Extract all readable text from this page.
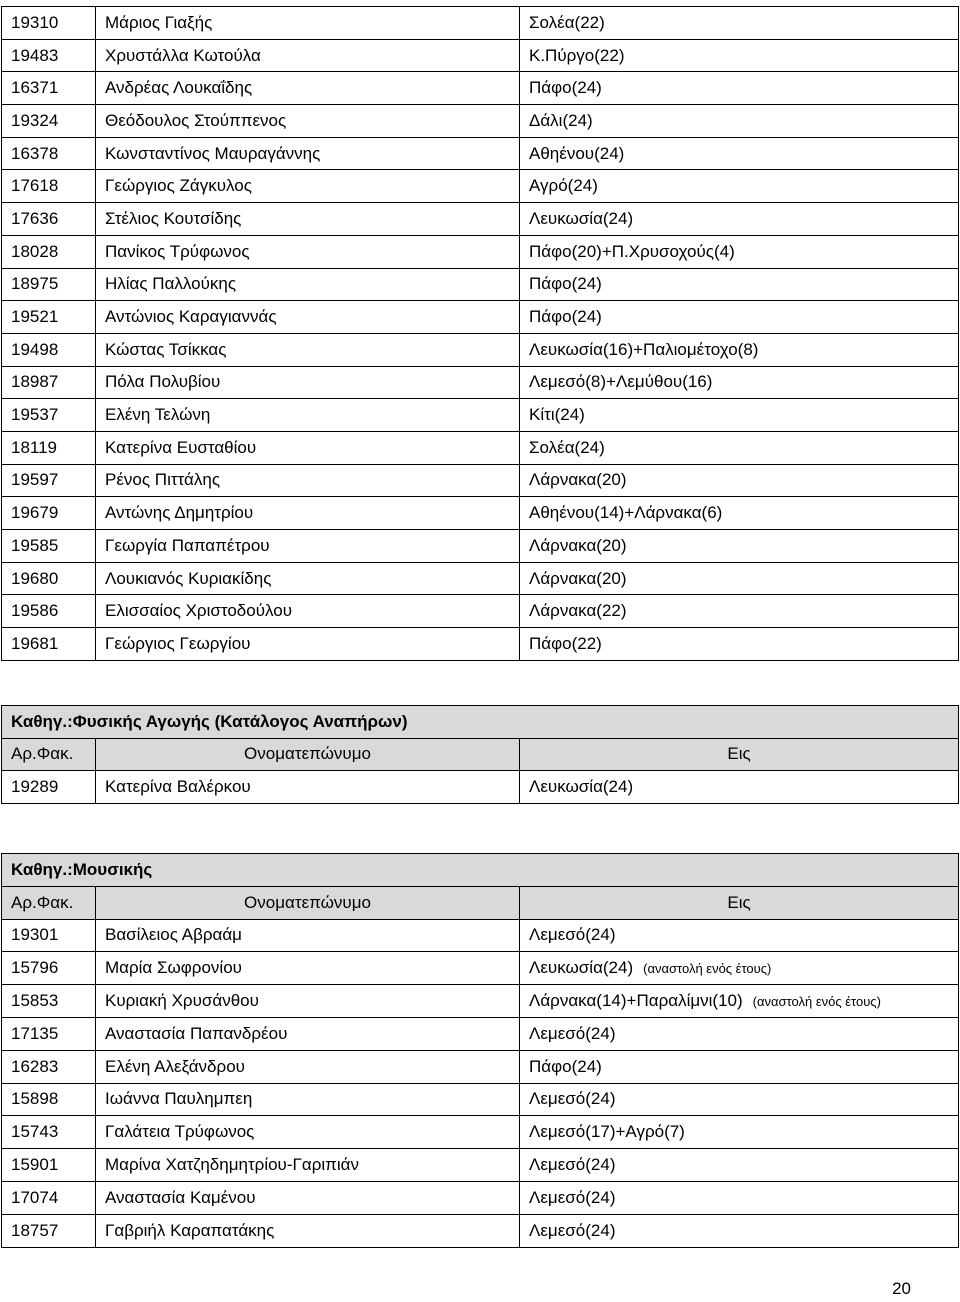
19310	Μάριος Γιαξής	Σολέα(22)
19483	Χρυστάλλα Κωτούλα	Κ.Πύργο(22)
16371	Ανδρέας Λουκαΐδης	Πάφο(24)
19324	Θεόδουλος Στούππενος	Δάλι(24)
16378	Κωνσταντίνος Μαυραγάννης	Αθηένου(24)
17618	Γεώργιος Ζάγκυλος	Αγρό(24)
17636	Στέλιος Κουτσίδης	Λευκωσία(24)
18028	Πανίκος Τρύφωνος	Πάφο(20)+Π.Χρυσοχούς(4)
18975	Ηλίας Παλλούκης	Πάφο(24)
19521	Αντώνιος Καραγιαννάς	Πάφο(24)
19498	Κώστας Τσίκκας	Λευκωσία(16)+Παλιομέτοχο(8)
18987	Πόλα Πολυβίου	Λεμεσό(8)+Λεμύθου(16)
19537	Ελένη Τελώνη	Κίτι(24)
18119	Κατερίνα Ευσταθίου	Σολέα(24)
19597	Ρένος Πιττάλης	Λάρνακα(20)
19679	Αντώνης Δημητρίου	Αθηένου(14)+Λάρνακα(6)
19585	Γεωργία Παπαπέτρου	Λάρνακα(20)
19680	Λουκιανός Κυριακίδης	Λάρνακα(20)
19586	Ελισσαίος Χριστοδούλου	Λάρνακα(22)
19681	Γεώργιος Γεωργίου	Πάφο(22)
Καθηγ.:Φυσικής Αγωγής (Κατάλογος Αναπήρων)		
Αρ.Φακ.	Ονοματεπώνυμο	Εις
19289	Κατερίνα Βαλέρκου	Λευκωσία(24)
Καθηγ.:Μουσικής		
Αρ.Φακ.	Ονοματεπώνυμο	Εις
19301	Βασίλειος Αβραάμ	Λεμεσό(24)
15796	Μαρία Σωφρονίου	Λευκωσία(24) (αναστολή ενός έτους)
15853	Κυριακή Χρυσάνθου	Λάρνακα(14)+Παραλίμνι(10) (αναστολή ενός έτους)
17135	Αναστασία Παπανδρέου	Λεμεσό(24)
16283	Ελένη Αλεξάνδρου	Πάφο(24)
15898	Ιωάννα Παυλημπεη	Λεμεσό(24)
15743	Γαλάτεια Τρύφωνος	Λεμεσό(17)+Αγρό(7)
15901	Μαρίνα Χατζηδημητρίου-Γαριπιάν	Λεμεσό(24)
17074	Αναστασία Καμένου	Λεμεσό(24)
18757	Γαβριήλ Καραπατάκης	Λεμεσό(24)
20
